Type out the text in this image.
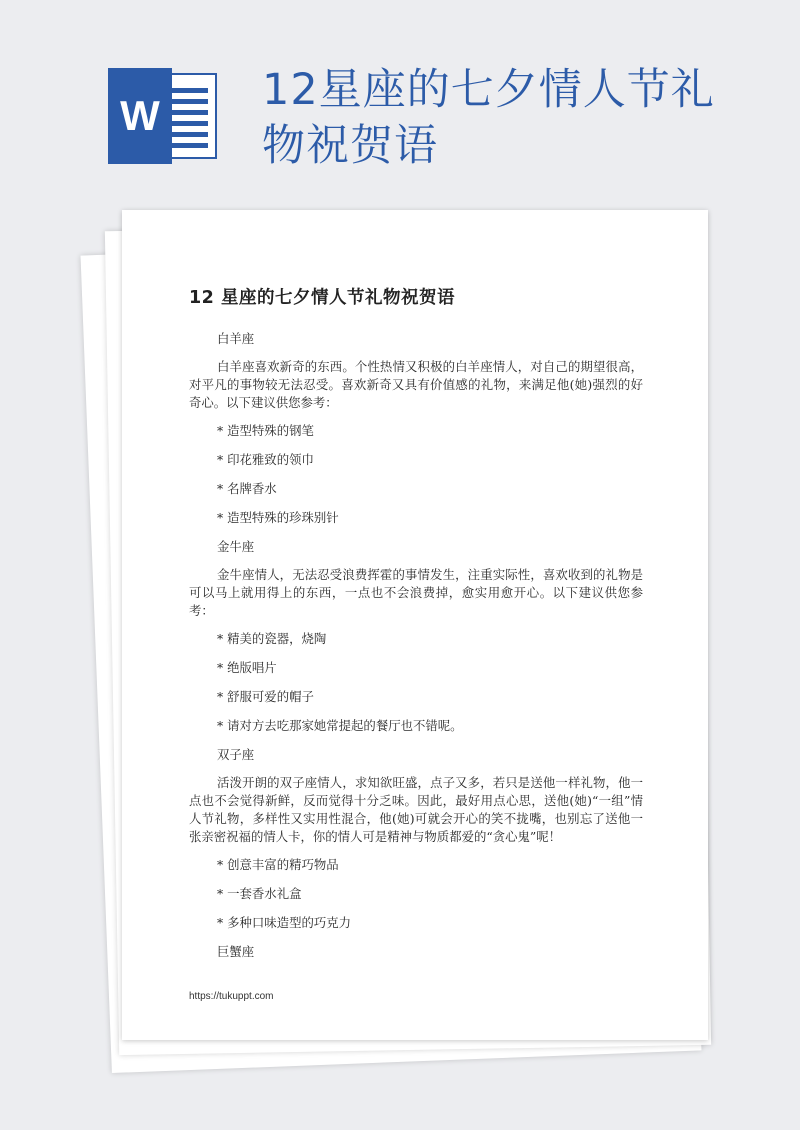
W
12星座的七夕情人节礼物祝贺语
12 星座的七夕情人节礼物祝贺语
白羊座
白羊座喜欢新奇的东西。个性热情又积极的白羊座情人，对自己的期望很高，对平凡的事物较无法忍受。喜欢新奇又具有价值感的礼物，来满足他(她)强烈的好奇心。以下建议供您参考：
* 造型特殊的钢笔
* 印花雅致的领巾
* 名牌香水
* 造型特殊的珍珠别针
金牛座
金牛座情人，无法忍受浪费挥霍的事情发生，注重实际性，喜欢收到的礼物是可以马上就用得上的东西，一点也不会浪费掉，愈实用愈开心。以下建议供您参考：
* 精美的瓷器，烧陶
* 绝版唱片
* 舒服可爱的帽子
* 请对方去吃那家她常提起的餐厅也不错呢。
双子座
活泼开朗的双子座情人，求知欲旺盛，点子又多，若只是送他一样礼物，他一点也不会觉得新鲜，反而觉得十分乏味。因此，最好用点心思，送他(她)“一组”情 人节礼物，多样性又实用性混合，他(她)可就会开心的笑不拢嘴，也别忘了送他一张亲密祝福的情人卡，你的情人可是精神与物质都爱的“贪心鬼”呢！
* 创意丰富的精巧物品
* 一套香水礼盒
* 多种口味造型的巧克力
巨蟹座
https://tukuppt.com
